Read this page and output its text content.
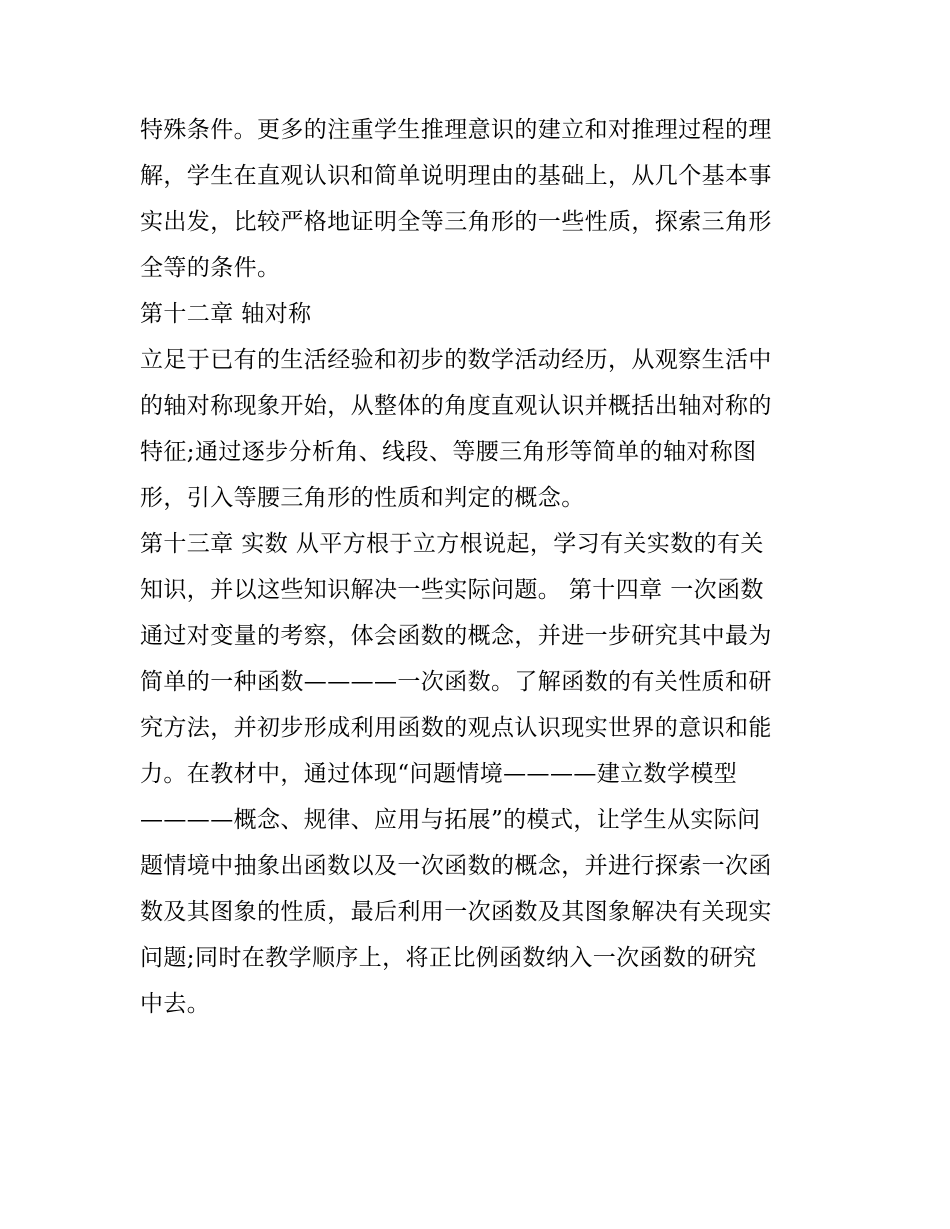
特殊条件。更多的注重学生推理意识的建立和对推理过程的理
解，学生在直观认识和简单说明理由的基础上，从几个基本事
实出发，比较严格地证明全等三角形的一些性质，探索三角形
全等的条件。
第十二章 轴对称
立足于已有的生活经验和初步的数学活动经历，从观察生活中
的轴对称现象开始，从整体的角度直观认识并概括出轴对称的
特征;通过逐步分析角、线段、等腰三角形等简单的轴对称图
形，引入等腰三角形的性质和判定的概念。
第十三章 实数 从平方根于立方根说起，学习有关实数的有关
知识，并以这些知识解决一些实际问题。 第十四章 一次函数
通过对变量的考察，体会函数的概念，并进一步研究其中最为
简单的一种函数————一次函数。了解函数的有关性质和研
究方法，并初步形成利用函数的观点认识现实世界的意识和能
力。在教材中，通过体现“问题情境————建立数学模型
————概念、规律、应用与拓展”的模式，让学生从实际问
题情境中抽象出函数以及一次函数的概念，并进行探索一次函
数及其图象的性质，最后利用一次函数及其图象解决有关现实
问题;同时在教学顺序上，将正比例函数纳入一次函数的研究
中去。
